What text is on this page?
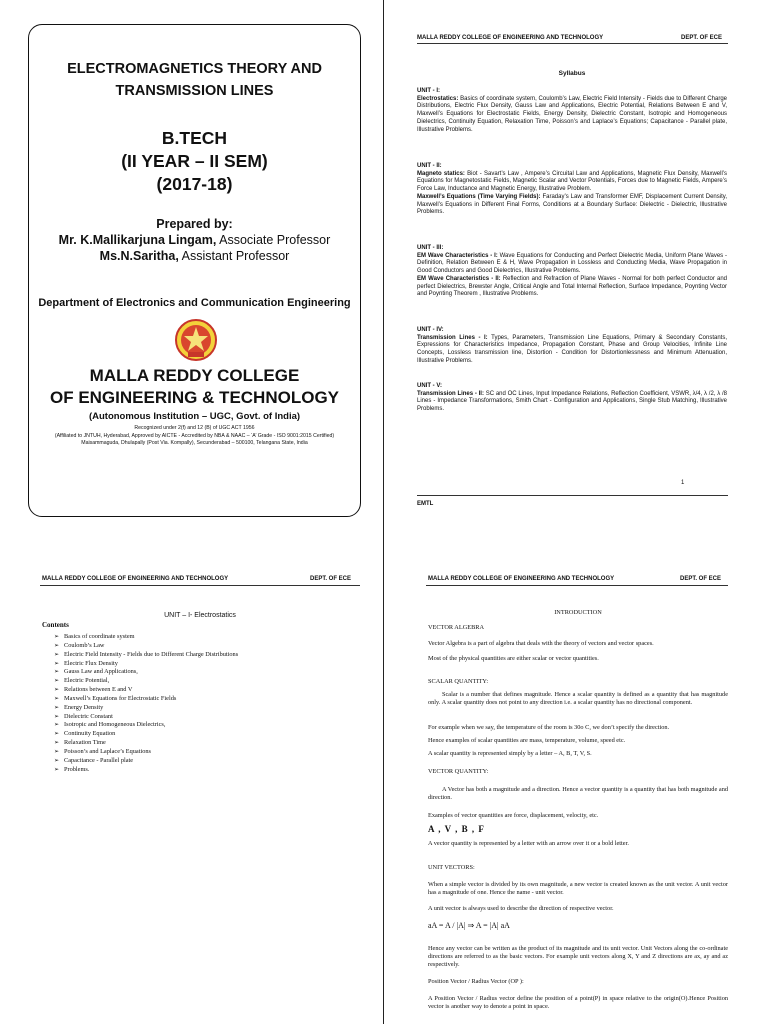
ELECTROMAGNETICS THEORY AND
TRANSMISSION LINES
B.TECH
(II YEAR – II SEM)
(2017-18)
Prepared by:
Mr. K.Mallikarjuna Lingam, Associate Professor
Ms.N.Saritha, Assistant Professor
Department of Electronics and Communication Engineering
MALLA REDDY COLLEGE
OF ENGINEERING & TECHNOLOGY
(Autonomous Institution – UGC, Govt. of India)
Recognized under 2(f) and 12 (B) of UGC ACT 1956
(Affiliated to JNTUH, Hyderabad, Approved by AICTE - Accredited by NBA & NAAC – ‘A’ Grade - ISO 9001:2015 Certified)
Maisammaguda, Dhulapally (Post Via. Kompally), Secunderabad – 500100, Telangana State, India
MALLA REDDY COLLEGE OF ENGINEERING AND TECHNOLOGY	DEPT. OF ECE
Syllabus
UNIT - I:
Electrostatics: Basics of coordinate system, Coulomb’s Law, Electric Field Intensity - Fields due to Different Charge Distributions, Electric Flux Density, Gauss Law and Applications, Electric Potential, Relations Between E and V, Maxwell’s Equations for Electrostatic Fields, Energy Density, Dielectric Constant, Isotropic and Homogeneous Dielectrics, Continuity Equation, Relaxation Time, Poisson’s and Laplace’s Equations; Capacitance - Parallel plate, Illustrative Problems.
UNIT - II:
Magneto statics: Biot - Savart’s Law , Ampere’s Circuital Law and Applications, Magnetic Flux Density, Maxwell’s Equations for Magnetostatic Fields, Magnetic Scalar and Vector Potentials, Forces due to Magnetic Fields, Ampere’s Force Law, Inductance and Magnetic Energy, Illustrative Problem.
Maxwell’s Equations (Time Varying Fields): Faraday’s Law and Transformer EMF, Displacement Current Density, Maxwell’s Equations in Different Final Forms, Conditions at a Boundary Surface: Dielectric - Dielectric, Illustrative Problems.
UNIT - III:
EM Wave Characteristics - I: Wave Equations for Conducting and Perfect Dielectric Media, Uniform Plane Waves - Definition, Relation Between E & H, Wave Propagation in Lossless and Conducting Media, Wave Propagation in Good Conductors and Good Dielectrics, Illustrative Problems.
EM Wave Characteristics - II: Reflection and Refraction of Plane Waves - Normal for both perfect Conductor and perfect Dielectrics, Brewster Angle, Critical Angle and Total Internal Reflection, Surface Impedance, Poynting Vector and Poynting Theorem , Illustrative Problems.
UNIT - IV:
Transmission Lines - I: Types, Parameters, Transmission Line Equations, Primary & Secondary Constants, Expressions for Characteristics Impedance, Propagation Constant, Phase and Group Velocities, Infinite Line Concepts, Lossless transmission line, Distortion - Condition for Distortionlessness and Minimum Attenuation, Illustrative Problems.
UNIT - V:
Transmission Lines - II: SC and OC Lines, Input Impedance Relations, Reflection Coefficient, VSWR, λ/4, λ /2, λ /8 Lines - Impedance Transformations, Smith Chart - Configuration and Applications, Single Stub Matching, Illustrative Problems.
1
EMTL
MALLA REDDY COLLEGE OF ENGINEERING AND TECHNOLOGY	DEPT. OF ECE
UNIT – I- Electrostatics
Contents
➢ Basics of coordinate system
➢ Coulomb’s Law
➢ Electric Field Intensity - Fields due to Different Charge Distributions
➢ Electric Flux Density
➢ Gauss Law and Applications,
➢ Electric Potential,
➢ Relations between E and V
➢ Maxwell’s Equations for Electrostatic Fields
➢ Energy Density
➢ Dielectric Constant
➢ Isotropic and Homogeneous Dielectrics,
➢ Continuity Equation
➢ Relaxation Time
➢ Poisson’s and Laplace’s Equations
➢ Capacitance - Parallel plate
➢ Problems.
MALLA REDDY COLLEGE OF ENGINEERING AND TECHNOLOGY	DEPT. OF ECE
INTRODUCTION
VECTOR ALGEBRA
Vector Algebra is a part of algebra that deals with the theory of vectors and vector spaces.
Most of the physical quantities are either scalar or vector quantities.
SCALAR QUANTITY:
Scalar is a number that defines magnitude. Hence a scalar quantity is defined as a quantity that has magnitude only. A scalar quantity does not point to any direction i.e. a scalar quantity has no directional component.
For example when we say, the temperature of the room is 30o C, we don’t specify the direction.
Hence examples of scalar quantities are mass, temperature, volume, speed etc.
A scalar quantity is represented simply by a letter – A, B, T, V, S.
VECTOR QUANTITY:
A Vector has both a magnitude and a direction. Hence a vector quantity is a quantity that has both magnitude and direction.
Examples of vector quantities are force, displacement, velocity, etc.
A , V , B , F
A vector quantity is represented by a letter with an arrow over it or a bold letter.
UNIT VECTORS:
When a simple vector is divided by its own magnitude, a new vector is created known as the unit vector. A unit vector has a magnitude of one. Hence the name - unit vector.
A unit vector is always used to describe the direction of respective vector.
aA = A / |A| ⇒ A = |A| aA
Hence any vector can be written as the product of its magnitude and its unit vector. Unit Vectors along the co-ordinate directions are referred to as the basic vectors. For example unit vectors along X, Y and Z directions are ax, ay and az respectively.
Position Vector / Radius Vector (OP ):
A Position Vector / Radius vector define the position of a point(P) in space relative to the origin(O).Hence Position vector is another way to denote a point in space.
